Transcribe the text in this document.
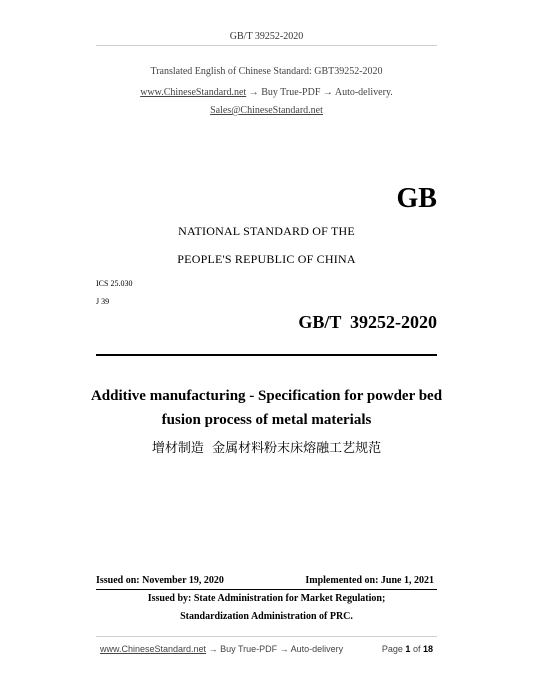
GB/T 39252-2020
Translated English of Chinese Standard: GBT39252-2020
www.ChineseStandard.net → Buy True-PDF → Auto-delivery.
Sales@ChineseStandard.net
GB
NATIONAL STANDARD OF THE
PEOPLE'S REPUBLIC OF CHINA
ICS 25.030
J 39
GB/T  39252-2020
Additive manufacturing - Specification for powder bed
fusion process of metal materials
增材制造  金属材料粉末床熔融工艺规范
Issued on: November 19, 2020	Implemented on: June 1, 2021
Issued by: State Administration for Market Regulation;
Standardization Administration of PRC.
www.ChineseStandard.net → Buy True-PDF → Auto-delivery	Page 1 of 18
